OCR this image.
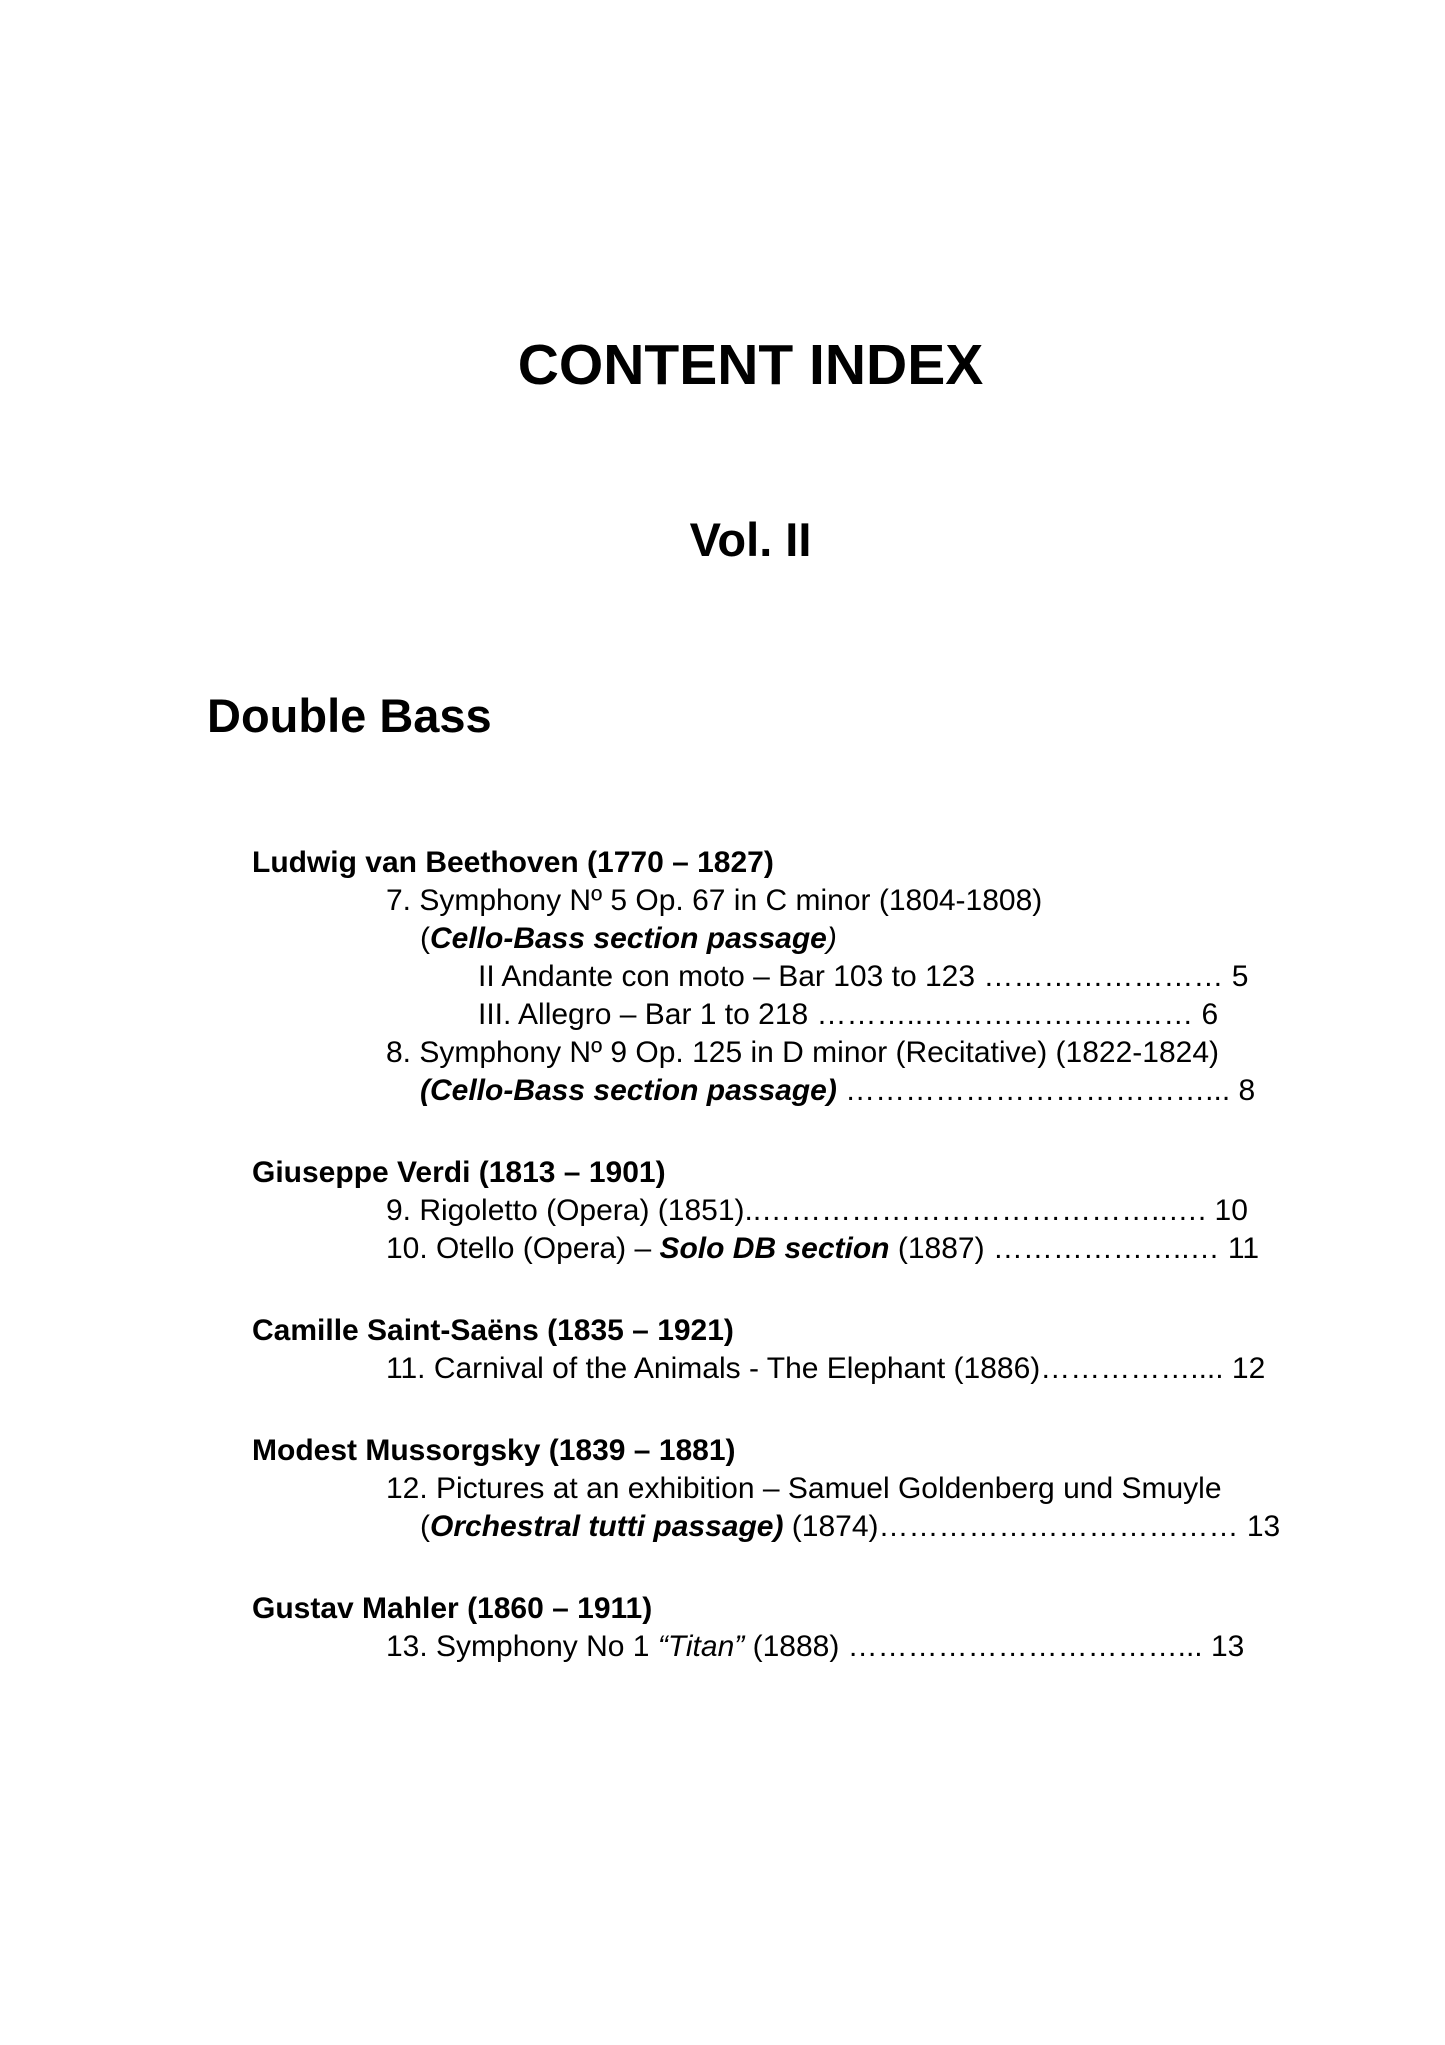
CONTENT INDEX
Vol. II
Double Bass
Ludwig van Beethoven (1770 – 1827)
7. Symphony Nº 5 Op. 67 in C minor (1804-1808)
(Cello-Bass section passage)
II Andante con moto – Bar 103 to 123 …………………… 5
III. Allegro – Bar 1 to 218 ………..……………………… 6
8. Symphony Nº 9 Op. 125 in D minor (Recitative) (1822-1824)
(Cello-Bass section passage) ………………………………... 8
Giuseppe Verdi (1813 – 1901)
9. Rigoletto (Opera) (1851)..…………………………………..…. 10
10. Otello (Opera) – Solo DB section (1887) ………………..… 11
Camille Saint-Saëns (1835 – 1921)
11. Carnival of the Animals - The Elephant (1886)…………….... 12
Modest Mussorgsky (1839 – 1881)
12. Pictures at an exhibition – Samuel Goldenberg und Smuyle
(Orchestral tutti passage) (1874)……………………………… 13
Gustav Mahler (1860 – 1911)
13. Symphony No 1 “Titan” (1888) ……………………………... 13
